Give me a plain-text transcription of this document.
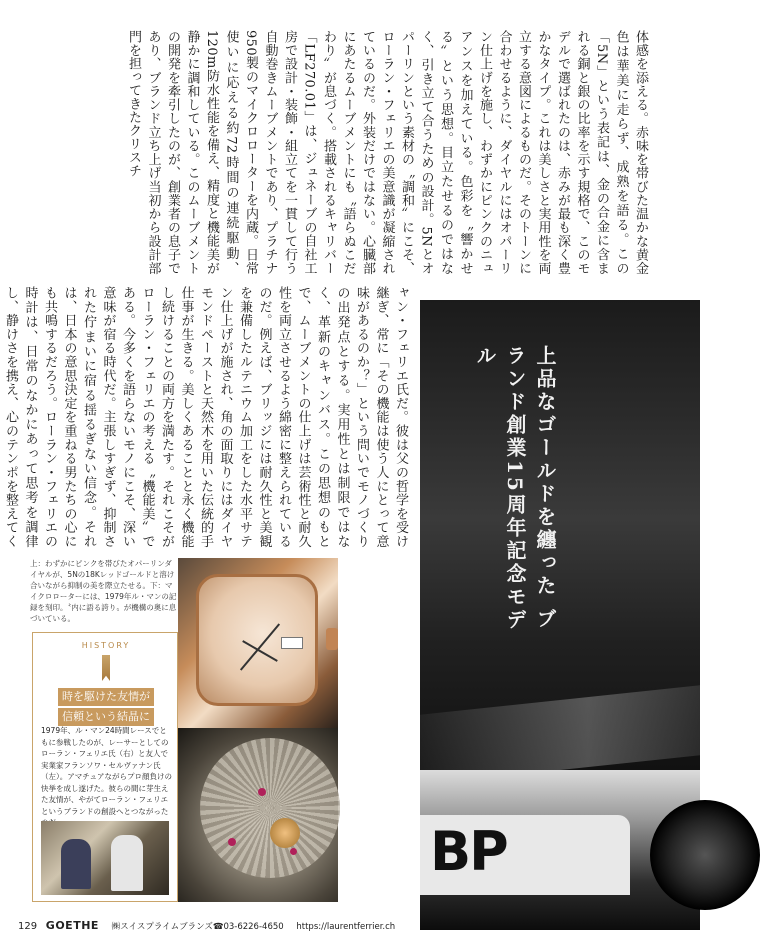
体感を添える。赤味を帯びた温かな黄金色は華美に走らず、成熟を語る。この「5N」という表記は、金の合金に含まれる銅と銀の比率を示す規格で、このモデルで選ばれたのは、赤みが最も深く豊かなタイプ。これは美しさと実用性を両立する意図によるものだ。そのトーンに合わせるように、ダイヤルにはオパーリン仕上げを施し、わずかにピンクのニュアンスを加えている。色彩を〝響かせる〟という思想。目立たせるのではなく、引き立て合うための設計。5Nとオパーリンという素材の〝調和〟にこそ、ローラン・フェリエの美意識が凝縮されているのだ。外装だけではない。心臓部にあたるムーブメントにも〝語らぬこだわり〟が息づく。搭載されるキャリバー「LF270.01」は、ジュネーブの自社工房で設計・装飾・組立てを一貫して行う自動巻きムーブメントであり、プラチナ950製のマイクロローターを内蔵。日常使いに応える約72時間の連続駆動、120m防水性能を備え、精度と機能美が静かに調和している。このムーブメントの開発を牽引したのが、創業者の息子であり、ブランド立ち上げ当初から設計部門を担ってきたクリスチ
ャン・フェリエ氏だ。彼は父の哲学を受け継ぎ、常に「その機能は使う人にとって意味があるのか？」という問いでモノづくりの出発点とする。実用性とは制限ではなく、革新のキャンバス。この思想のもとで、ムーブメントの仕上げは芸術性と耐久性を両立させるよう綿密に整えられているのだ。例えば、ブリッジには耐久性と美観を兼備したルテニウム加工をした水平サテン仕上げが施され、角の面取りにはダイヤモンドペーストと天然木を用いた伝統的手仕事が生きる。美しくあることと永く機能し続けることの両方を満たす。それこそがローラン・フェリエの考える〝機能美〟である。今多くを語らないモノにこそ、深い意味が宿る時代だ。主張しすぎず、抑制された佇まいに宿る揺るぎない信念。それは、日本の意思決定を重ねる男たちの心にも共鳴するだろう。ローラン・フェリエの時計は、日常のなかにあって思考を調律し、静けさを携え、心のテンポを整えてく
BP
上品なゴールドを纏った ブランド創業15周年記念モデル
上：わずかにピンクを帯びたオパーリンダイヤルが、5Nの18Kレッドゴールドと溶け合いながら抑制の美を際立たせる。下：マイクロローターには、1979年ル・マンの記録を刻印。〝内に語る誇り〟が機構の奥に息づいている。
HISTORY
時を駆けた友情が
信頼という結晶に
1979年、ル・マン24時間レースでともに参戦したのが、レーサーとしてのローラン・フェリエ氏（右）と友人で実業家フランソワ・セルヴァナン氏（左）。アマチュアながらプロ顔負けの快挙を成し遂げた。彼らの間に芽生えた友情が、やがてローラン・フェリエというブランドの創設へとつながった
129 GOETHE ㈱スイスプライムブランズ☎03-6226-4650 https://laurentferrier.ch
